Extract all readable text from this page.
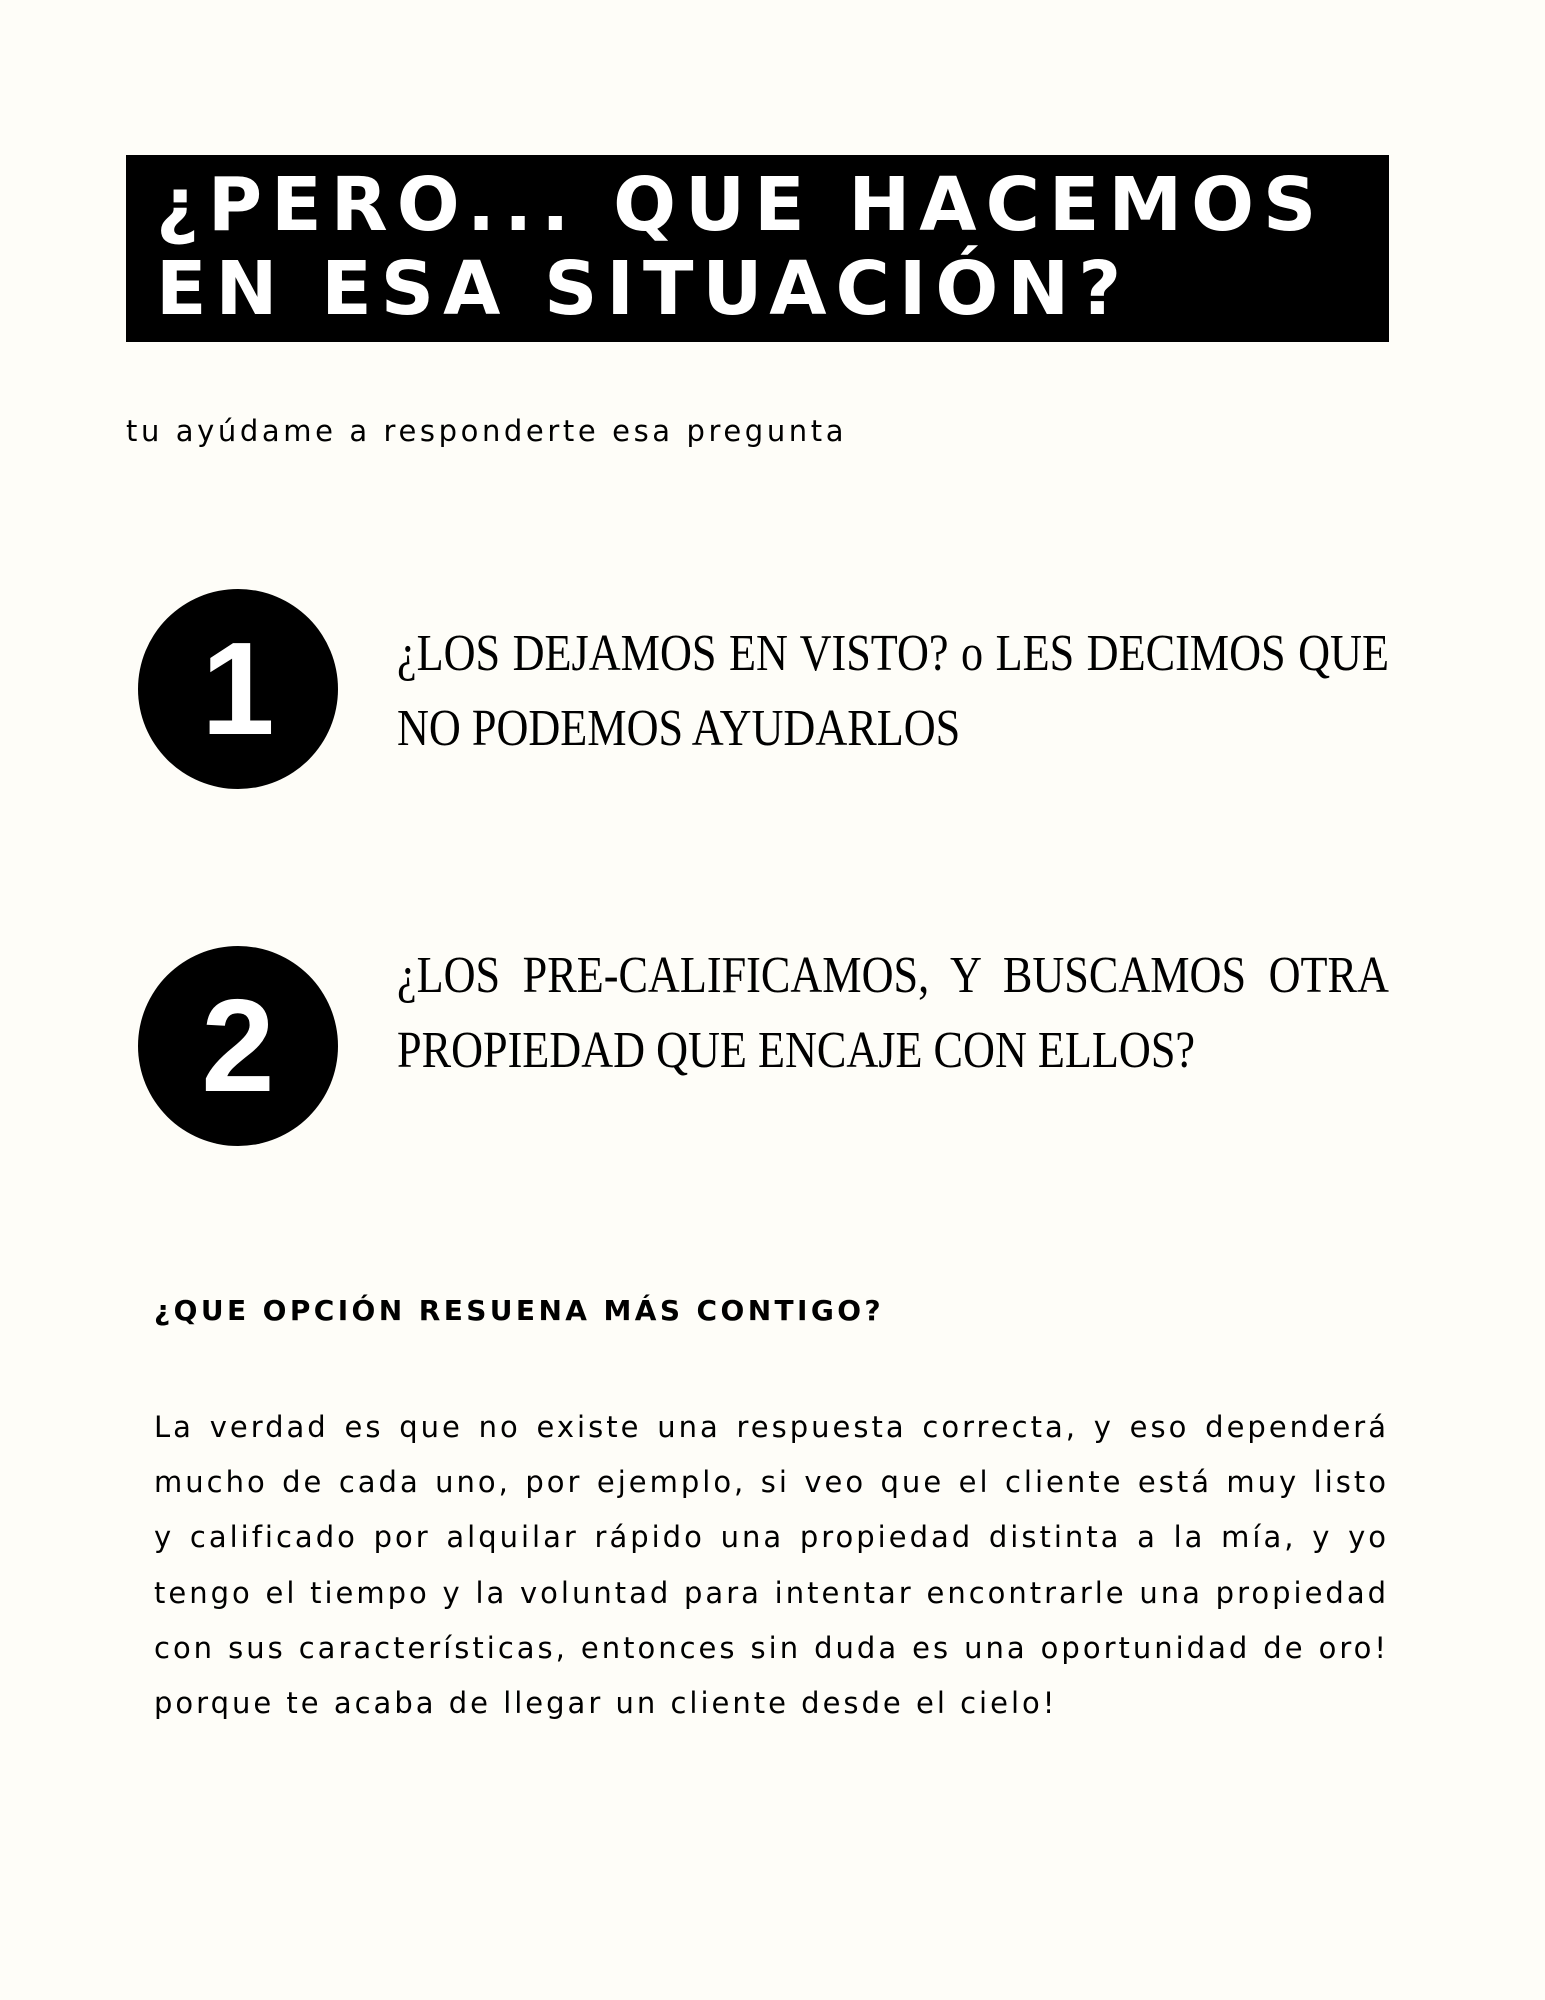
¿PERO... QUE HACEMOS
EN ESA SITUACIÓN?
tu ayúdame a responderte esa pregunta
1	¿LOS DEJAMOS EN VISTO? o LES DECIMOS QUE NO PODEMOS AYUDARLOS
2	¿LOS PRE-CALIFICAMOS, Y BUSCAMOS OTRA PROPIEDAD QUE ENCAJE CON ELLOS?
¿QUE OPCIÓN RESUENA MÁS CONTIGO?

La verdad es que no existe una respuesta correcta, y eso dependerá mucho de cada uno, por ejemplo, si veo que el cliente está muy listo y calificado por alquilar rápido una propiedad distinta a la mía, y yo tengo el tiempo y la voluntad para intentar encontrarle una propiedad con sus características, entonces sin duda es una oportunidad de oro! porque te acaba de llegar un cliente desde el cielo!
